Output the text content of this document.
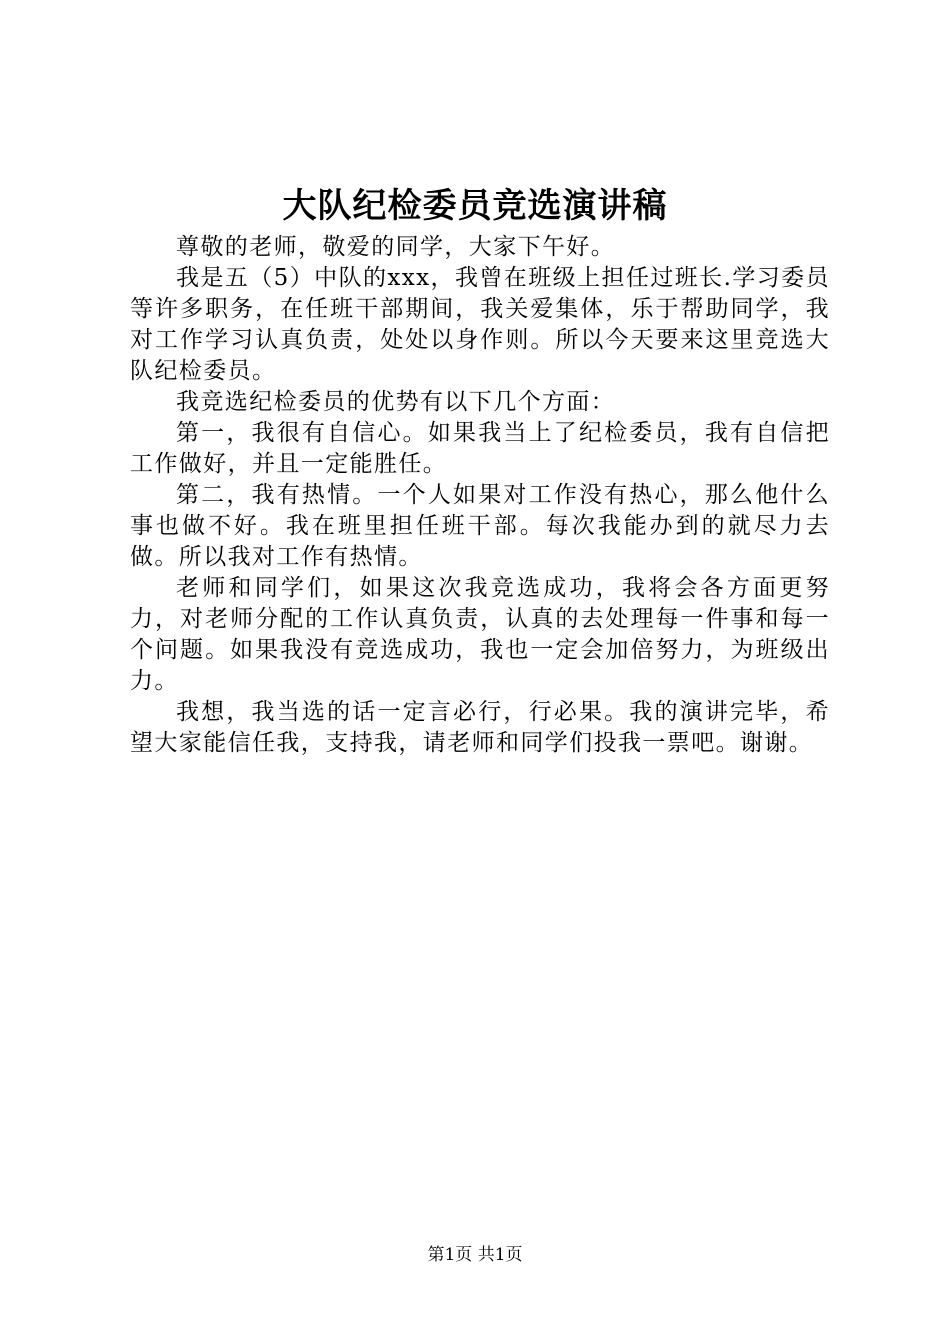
大队纪检委员竞选演讲稿

尊敬的老师，敬爱的同学，大家下午好。

我是五（5）中队的xxx，我曾在班级上担任过班长.学习委员等许多职务，在任班干部期间，我关爱集体，乐于帮助同学，我对工作学习认真负责，处处以身作则。所以今天要来这里竞选大队纪检委员。

我竞选纪检委员的优势有以下几个方面：

第一，我很有自信心。如果我当上了纪检委员，我有自信把工作做好，并且一定能胜任。

第二，我有热情。一个人如果对工作没有热心，那么他什么事也做不好。我在班里担任班干部。每次我能办到的就尽力去做。所以我对工作有热情。

老师和同学们，如果这次我竞选成功，我将会各方面更努力，对老师分配的工作认真负责，认真的去处理每一件事和每一个问题。如果我没有竞选成功，我也一定会加倍努力，为班级出力。

我想，我当选的话一定言必行，行必果。我的演讲完毕，希望大家能信任我，支持我，请老师和同学们投我一票吧。谢谢。

第1页 共1页
